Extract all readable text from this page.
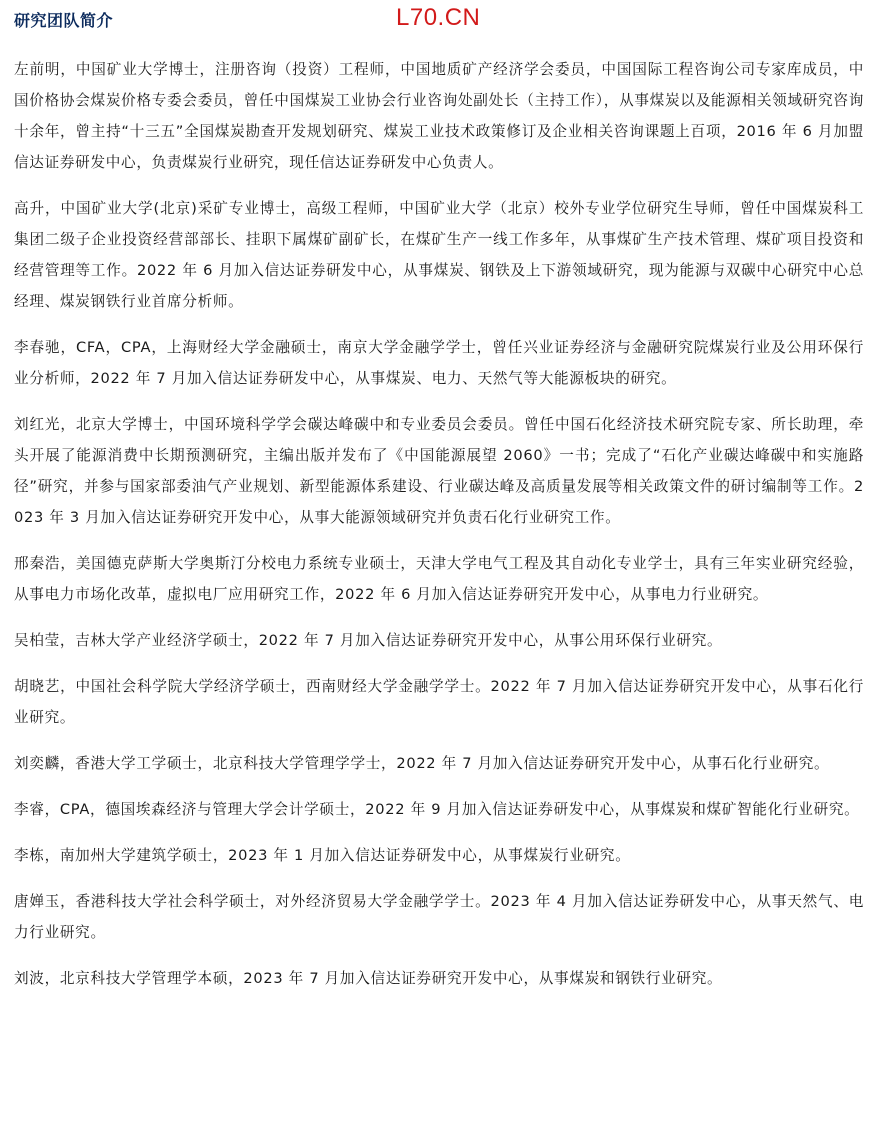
研究团队简介	L70.CN

左前明，中国矿业大学博士，注册咨询（投资）工程师，中国地质矿产经济学会委员，中国国际工程咨询公司专家库成员，中国价格协会煤炭价格专委会委员，曾任中国煤炭工业协会行业咨询处副处长（主持工作），从事煤炭以及能源相关领域研究咨询十余年，曾主持“十三五”全国煤炭勘查开发规划研究、煤炭工业技术政策修订及企业相关咨询课题上百项，2016 年 6 月加盟信达证券研发中心，负责煤炭行业研究，现任信达证券研发中心负责人。

高升，中国矿业大学(北京)采矿专业博士，高级工程师，中国矿业大学（北京）校外专业学位研究生导师，曾任中国煤炭科工集团二级子企业投资经营部部长、挂职下属煤矿副矿长，在煤矿生产一线工作多年，从事煤矿生产技术管理、煤矿项目投资和经营管理等工作。2022 年 6 月加入信达证券研发中心，从事煤炭、钢铁及上下游领域研究，现为能源与双碳中心研究中心总经理、煤炭钢铁行业首席分析师。

李春驰，CFA，CPA，上海财经大学金融硕士，南京大学金融学学士，曾任兴业证券经济与金融研究院煤炭行业及公用环保行业分析师，2022 年 7 月加入信达证券研发中心，从事煤炭、电力、天然气等大能源板块的研究。

刘红光，北京大学博士，中国环境科学学会碳达峰碳中和专业委员会委员。曾任中国石化经济技术研究院专家、所长助理，牵头开展了能源消费中长期预测研究，主编出版并发布了《中国能源展望 2060》一书；完成了“石化产业碳达峰碳中和实施路径”研究，并参与国家部委油气产业规划、新型能源体系建设、行业碳达峰及高质量发展等相关政策文件的研讨编制等工作。2023 年 3 月加入信达证券研究开发中心，从事大能源领域研究并负责石化行业研究工作。

邢秦浩，美国德克萨斯大学奥斯汀分校电力系统专业硕士，天津大学电气工程及其自动化专业学士，具有三年实业研究经验，从事电力市场化改革，虚拟电厂应用研究工作，2022 年 6 月加入信达证券研究开发中心，从事电力行业研究。

吴柏莹，吉林大学产业经济学硕士，2022 年 7 月加入信达证券研究开发中心，从事公用环保行业研究。

胡晓艺，中国社会科学院大学经济学硕士，西南财经大学金融学学士。2022 年 7 月加入信达证券研究开发中心，从事石化行业研究。

刘奕麟，香港大学工学硕士，北京科技大学管理学学士，2022 年 7 月加入信达证券研究开发中心，从事石化行业研究。

李睿，CPA，德国埃森经济与管理大学会计学硕士，2022 年 9 月加入信达证券研发中心，从事煤炭和煤矿智能化行业研究。

李栋，南加州大学建筑学硕士，2023 年 1 月加入信达证券研发中心，从事煤炭行业研究。

唐婵玉，香港科技大学社会科学硕士，对外经济贸易大学金融学学士。2023 年 4 月加入信达证券研发中心，从事天然气、电力行业研究。

刘波，北京科技大学管理学本硕，2023 年 7 月加入信达证券研究开发中心，从事煤炭和钢铁行业研究。
